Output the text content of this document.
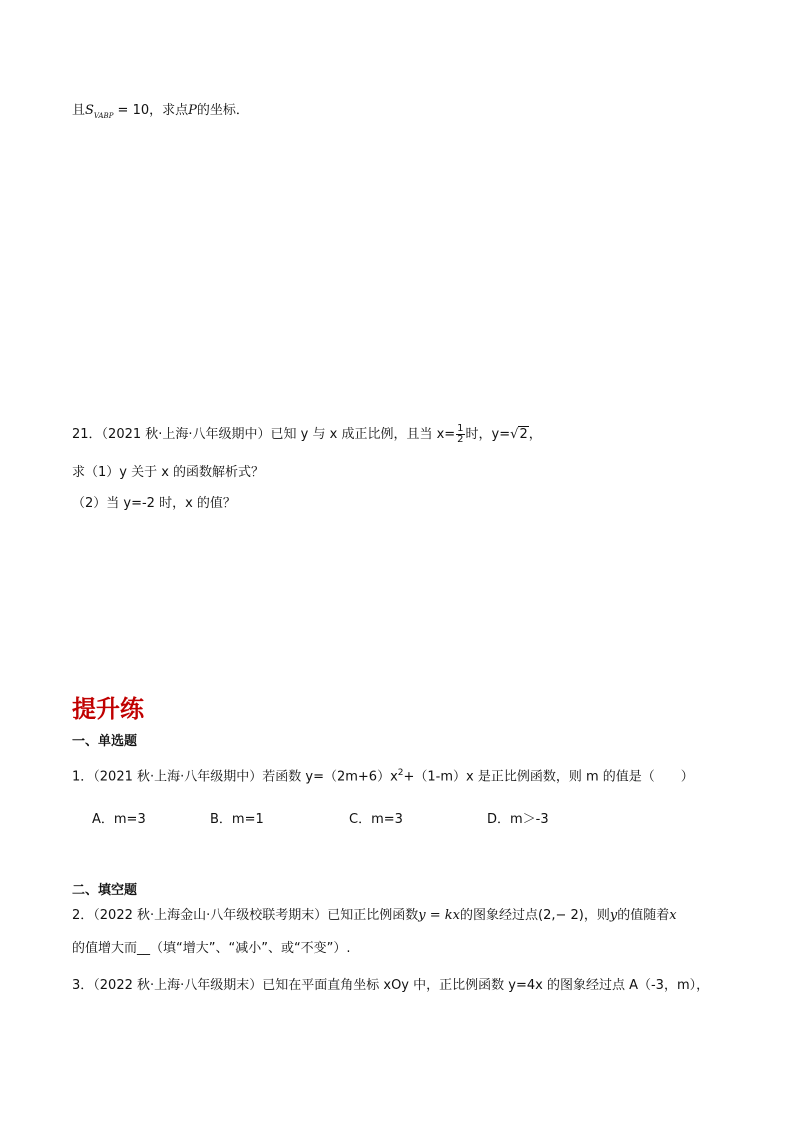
且$S_{VABP} = 10$，求点P的坐标．
21．（2021 秋·上海·八年级期中）已知 y 与 x 成正比例，且当 $x= \frac{1}{2}$ 时，y=√2，
求（1）y 关于 x 的函数解析式？
（2）当 y=-2 时，x 的值？
提升练
一、单选题
1．（2021 秋·上海·八年级期中）若函数 $y=(2m+6)x^2+(1-m)x$ 是正比例函数，则 m 的值是（　　）
A．m=3	B．m=1	C．m=3	D．m＞-3
二、填空题
2．（2022 秋·上海金山·八年级校联考期末）已知正比例函数y = kx的图象经过点(2,− 2)，则y的值随着x
的值增大而__（填“增大”、“减小”、或“不变”）.
3．（2022 秋·上海·八年级期末）已知在平面直角坐标 xOy 中，正比例函数 y=4x 的图象经过点 A（-3，m），
